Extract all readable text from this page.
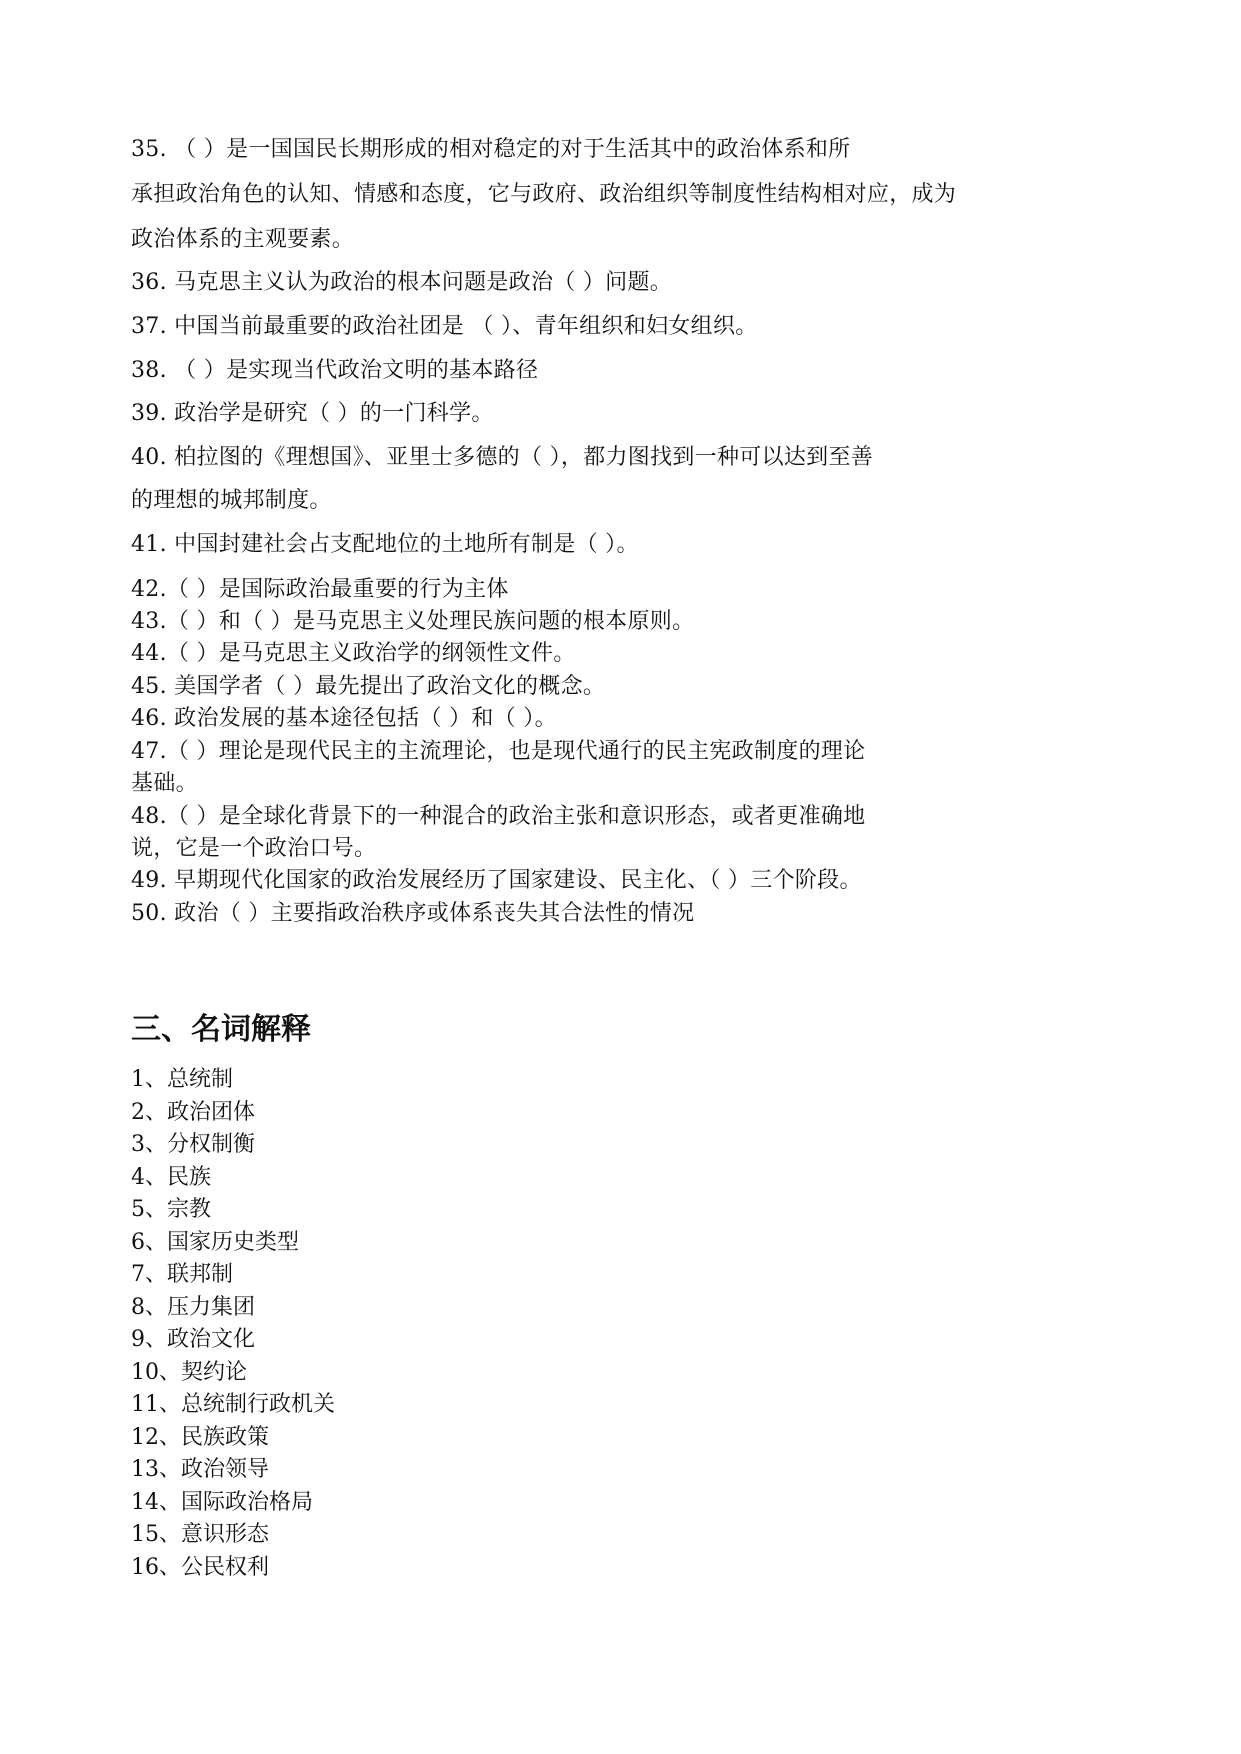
35. （ ）是一国国民长期形成的相对稳定的对于生活其中的政治体系和所
承担政治角色的认知、情感和态度，它与政府、政治组织等制度性结构相对应，成为
政治体系的主观要素。
36. 马克思主义认为政治的根本问题是政治（ ）问题。
37. 中国当前最重要的政治社团是 （ ）、青年组织和妇女组织。
38. （ ）是实现当代政治文明的基本路径
39. 政治学是研究（ ）的一门科学。
40. 柏拉图的《理想国》、亚里士多德的（ ），都力图找到一种可以达到至善
的理想的城邦制度。
41. 中国封建社会占支配地位的土地所有制是（ ）。
42.（ ）是国际政治最重要的行为主体
43.（ ）和（ ）是马克思主义处理民族问题的根本原则。
44.（ ）是马克思主义政治学的纲领性文件。
45. 美国学者（ ）最先提出了政治文化的概念。
46. 政治发展的基本途径包括（ ）和（ ）。
47.（ ）理论是现代民主的主流理论，也是现代通行的民主宪政制度的理论
基础。
48.（ ）是全球化背景下的一种混合的政治主张和意识形态，或者更准确地
说，它是一个政治口号。
49. 早期现代化国家的政治发展经历了国家建设、民主化、（ ）三个阶段。
50. 政治（ ）主要指政治秩序或体系丧失其合法性的情况
三、名词解释
1、总统制
2、政治团体
3、分权制衡
4、民族
5、宗教
6、国家历史类型
7、联邦制
8、压力集团
9、政治文化
10、契约论
11、总统制行政机关
12、民族政策
13、政治领导
14、国际政治格局
15、意识形态
16、公民权利
